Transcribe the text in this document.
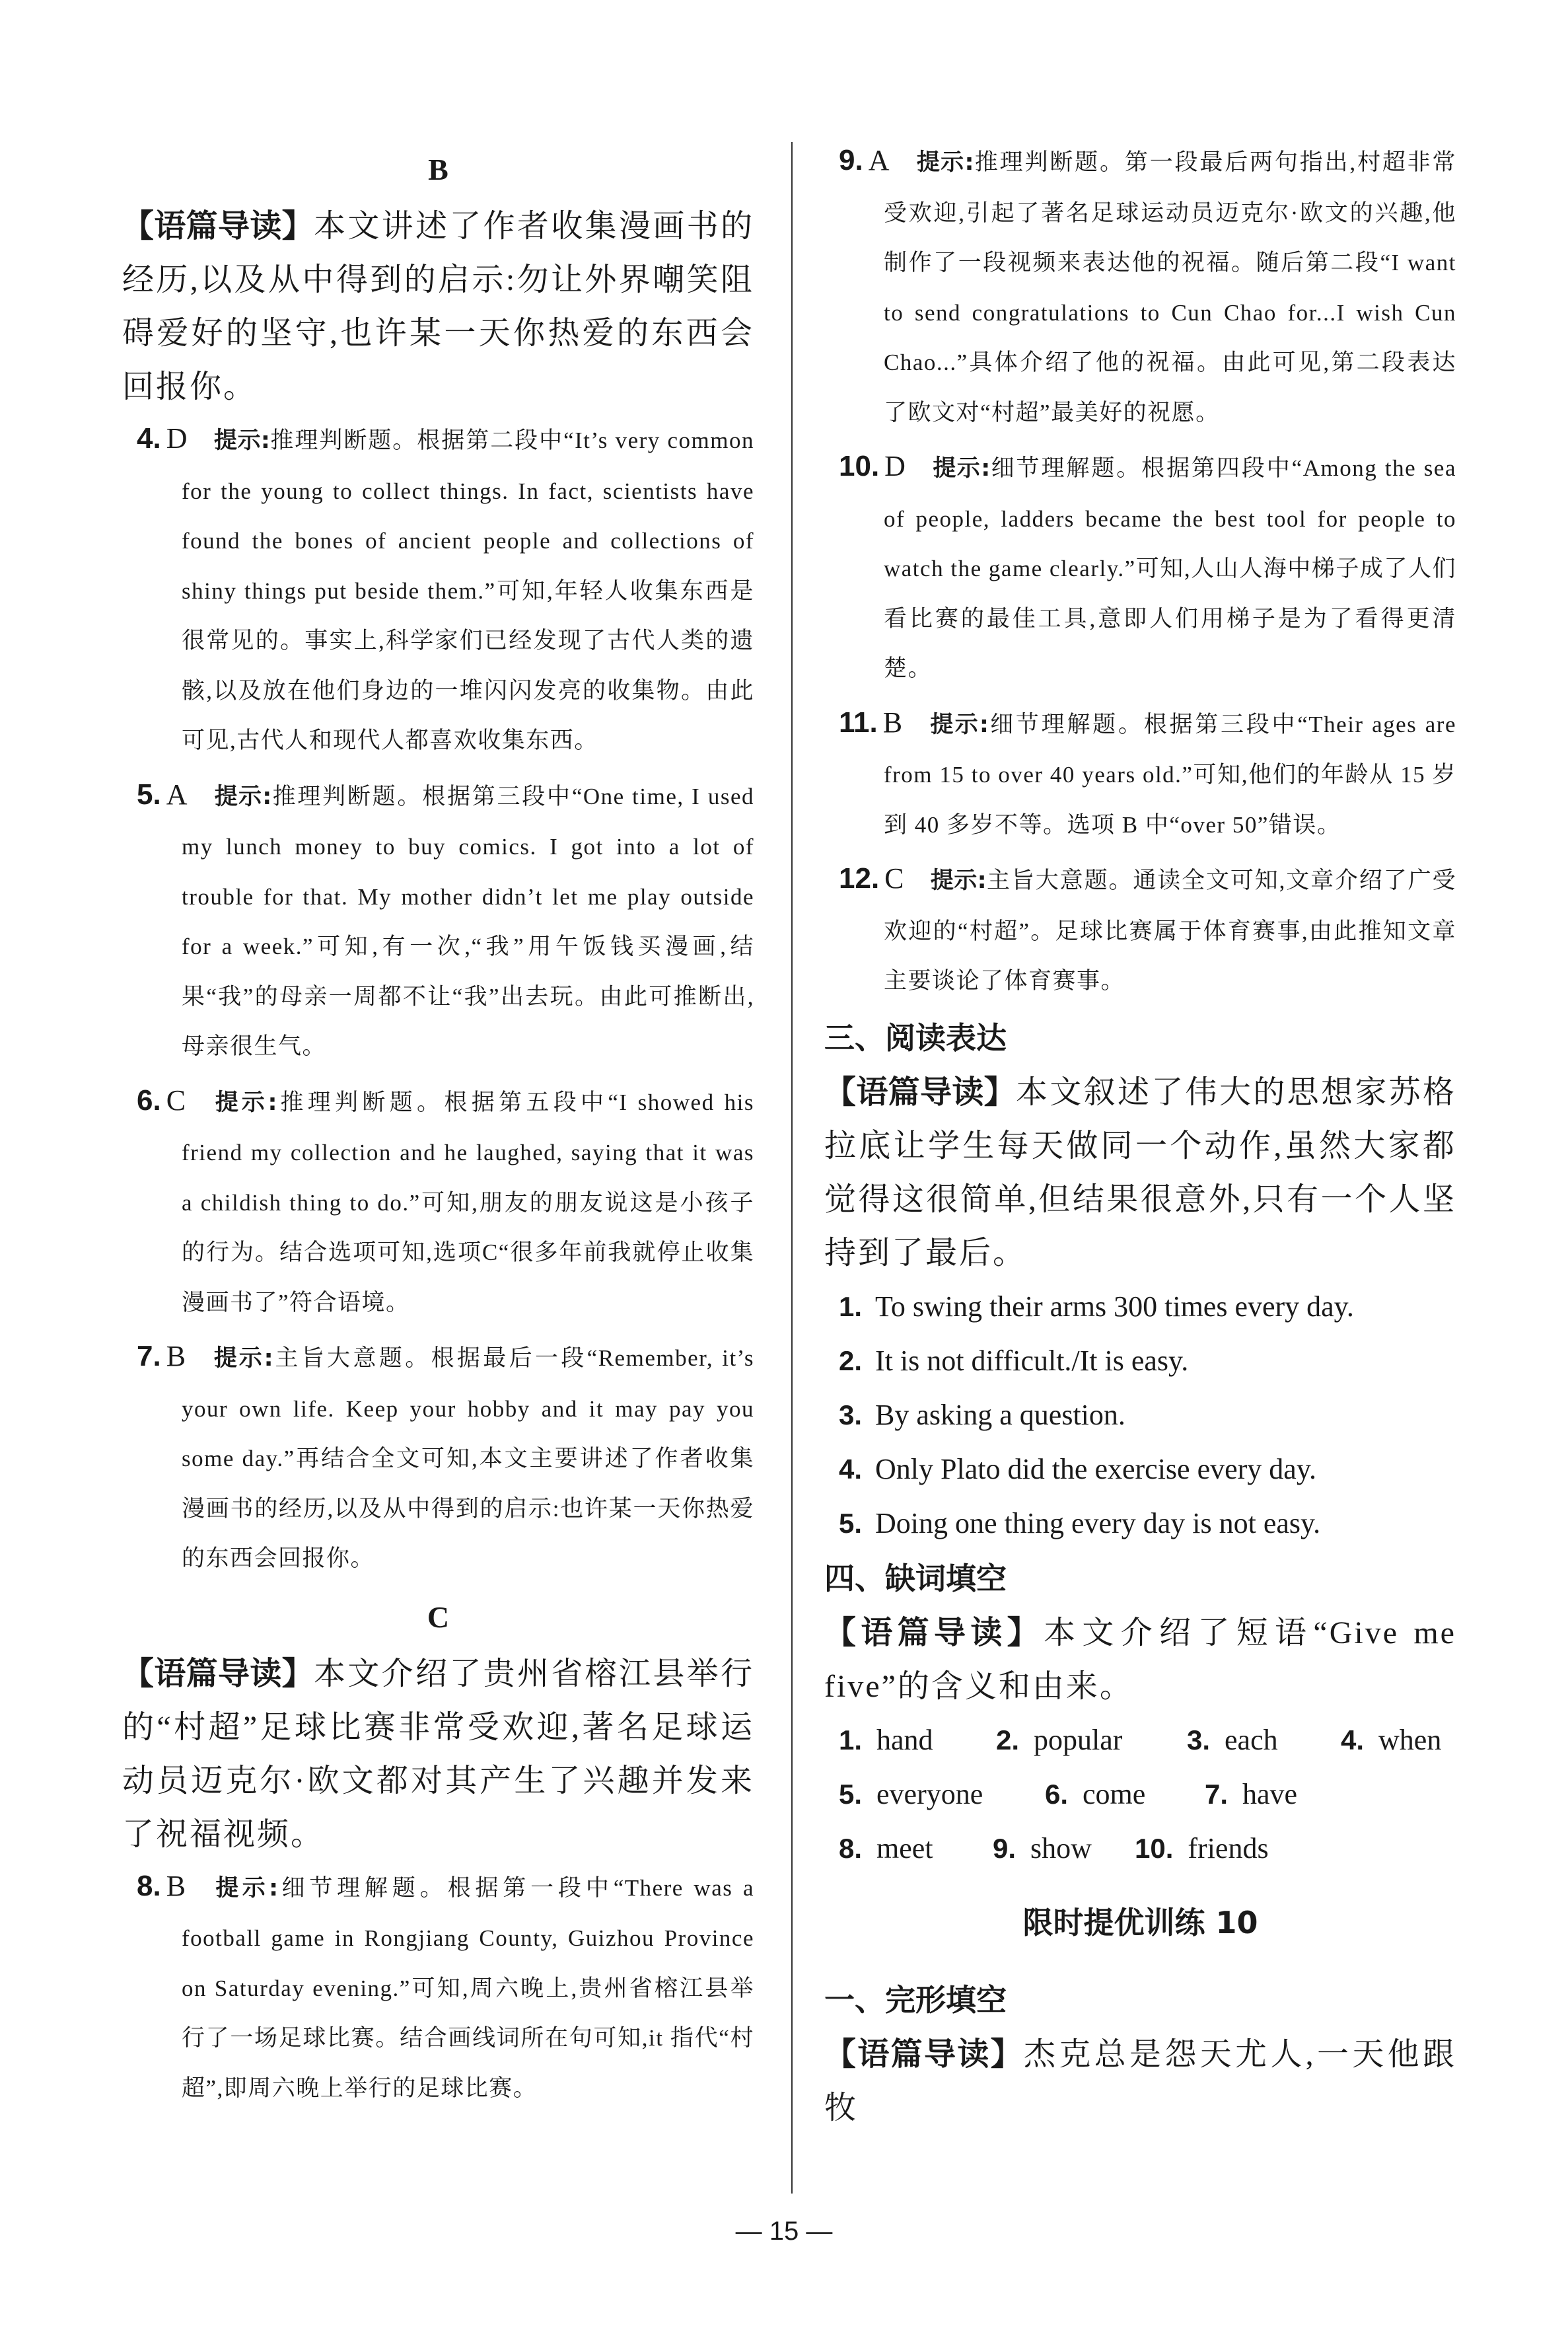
B

【语篇导读】本文讲述了作者收集漫画书的经历,以及从中得到的启示:勿让外界嘲笑阻碍爱好的坚守,也许某一天你热爱的东西会回报你。

4. D 提示:推理判断题。根据第二段中“It’s very common for the young to collect things. In fact, scientists have found the bones of ancient people and collections of shiny things put beside them.”可知,年轻人收集东西是很常见的。事实上,科学家们已经发现了古代人类的遗骸,以及放在他们身边的一堆闪闪发亮的收集物。由此可见,古代人和现代人都喜欢收集东西。

5. A 提示:推理判断题。根据第三段中“One time, I used my lunch money to buy comics. I got into a lot of trouble for that. My mother didn’t let me play outside for a week.”可知,有一次,“我”用午饭钱买漫画,结果“我”的母亲一周都不让“我”出去玩。由此可推断出,母亲很生气。

6. C 提示:推理判断题。根据第五段中“I showed his friend my collection and he laughed, saying that it was a childish thing to do.”可知,朋友的朋友说这是小孩子的行为。结合选项可知,选项C“很多年前我就停止收集漫画书了”符合语境。

7. B 提示:主旨大意题。根据最后一段“Remember, it’s your own life. Keep your hobby and it may pay you some day.”再结合全文可知,本文主要讲述了作者收集漫画书的经历,以及从中得到的启示:也许某一天你热爱的东西会回报你。

C

【语篇导读】本文介绍了贵州省榕江县举行的“村超”足球比赛非常受欢迎,著名足球运动员迈克尔·欧文都对其产生了兴趣并发来了祝福视频。

8. B 提示:细节理解题。根据第一段中“There was a football game in Rongjiang County, Guizhou Province on Saturday evening.”可知,周六晚上,贵州省榕江县举行了一场足球比赛。结合画线词所在句可知,it 指代“村超”,即周六晚上举行的足球比赛。

9. A 提示:推理判断题。第一段最后两句指出,村超非常受欢迎,引起了著名足球运动员迈克尔·欧文的兴趣,他制作了一段视频来表达他的祝福。随后第二段“I want to send congratulations to Cun Chao for...I wish Cun Chao...”具体介绍了他的祝福。由此可见,第二段表达了欧文对“村超”最美好的祝愿。

10. D 提示:细节理解题。根据第四段中“Among the sea of people, ladders became the best tool for people to watch the game clearly.”可知,人山人海中梯子成了人们看比赛的最佳工具,意即人们用梯子是为了看得更清楚。

11. B 提示:细节理解题。根据第三段中“Their ages are from 15 to over 40 years old.”可知,他们的年龄从 15 岁到 40 多岁不等。选项 B 中“over 50”错误。

12. C 提示:主旨大意题。通读全文可知,文章介绍了广受欢迎的“村超”。足球比赛属于体育赛事,由此推知文章主要谈论了体育赛事。

三、阅读表达

【语篇导读】本文叙述了伟大的思想家苏格拉底让学生每天做同一个动作,虽然大家都觉得这很简单,但结果很意外,只有一个人坚持到了最后。

1. To swing their arms 300 times every day.

2. It is not difficult./It is easy.

3. By asking a question.

4. Only Plato did the exercise every day.

5. Doing one thing every day is not easy.

四、缺词填空

【语篇导读】本文介绍了短语“Give me five”的含义和由来。

1. hand 2. popular 3. each 4. when
5. everyone 6. come 7. have
8. meet 9. show 10. friends
限时提优训练 10

一、完形填空

【语篇导读】杰克总是怨天尤人,一天他跟牧

— 15 —
